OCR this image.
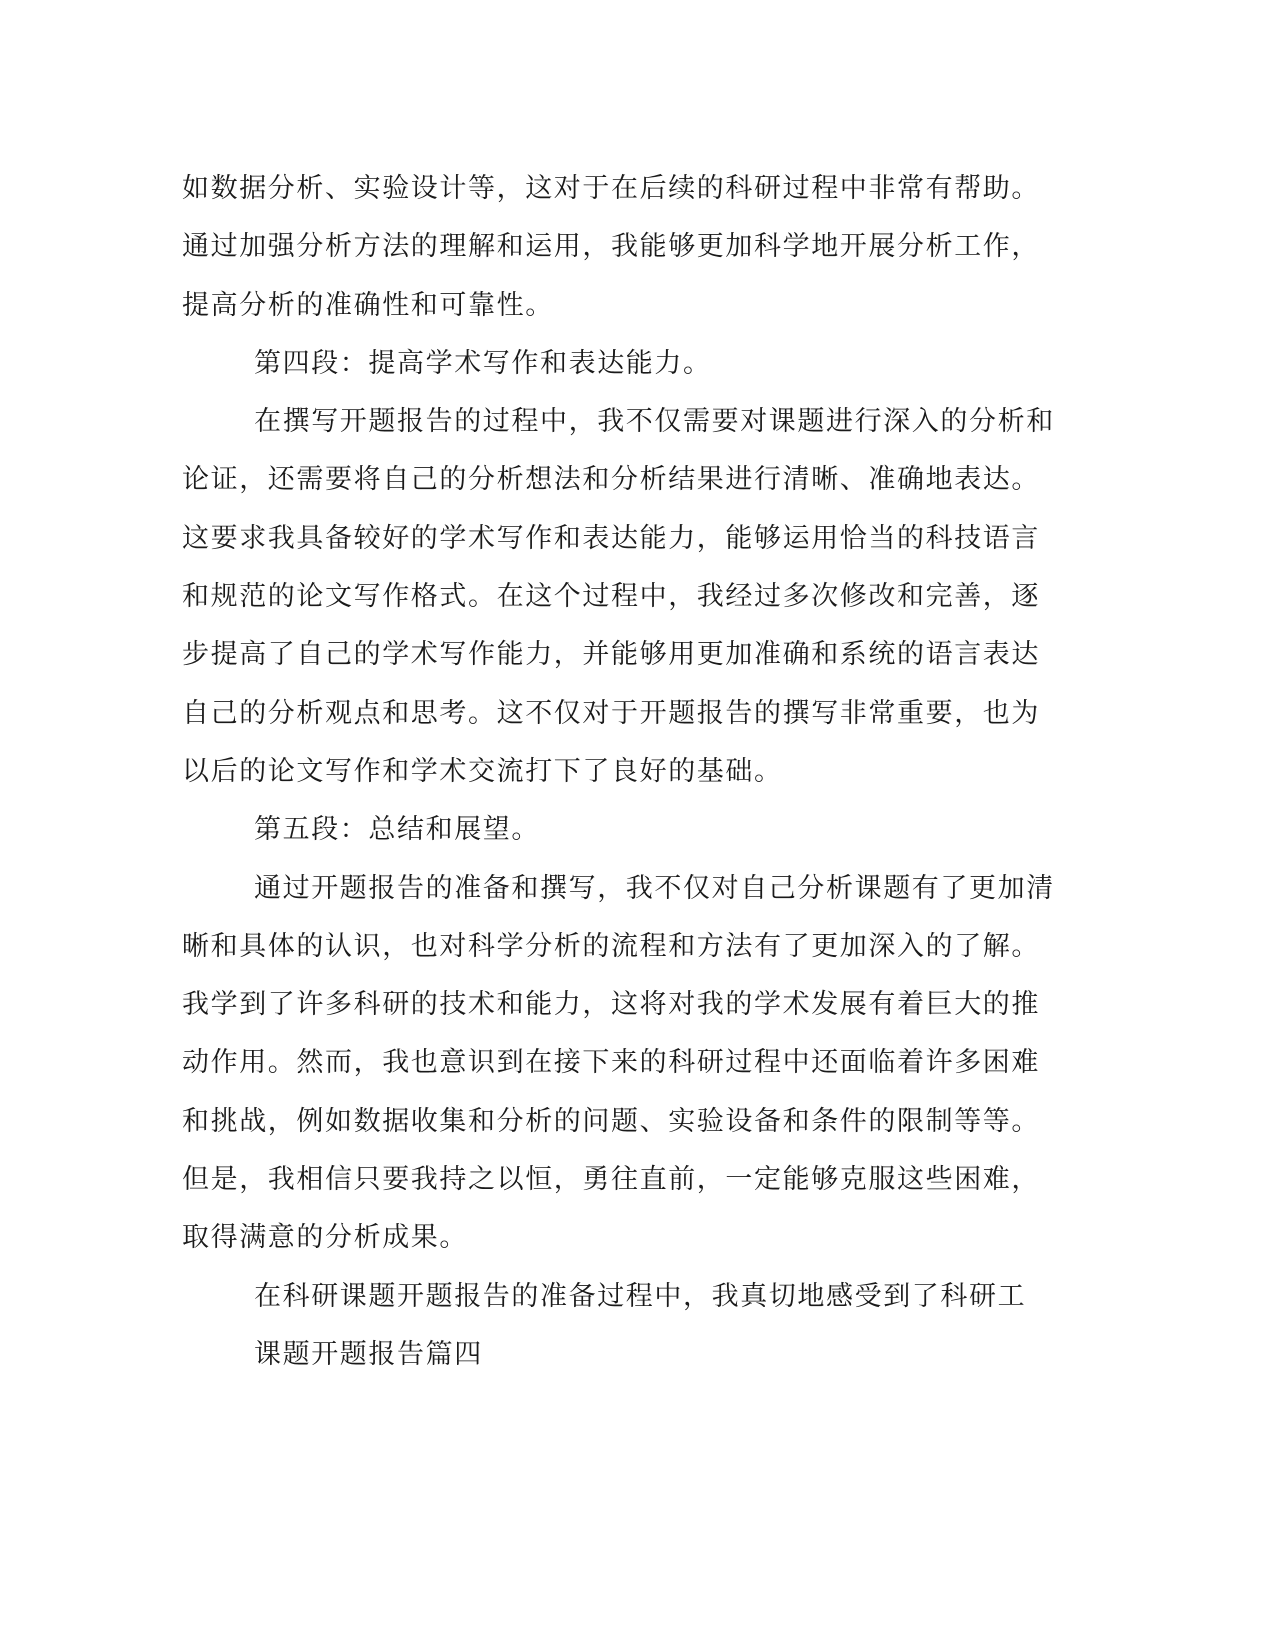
如数据分析、实验设计等，这对于在后续的科研过程中非常有帮助。
通过加强分析方法的理解和运用，我能够更加科学地开展分析工作，
提高分析的准确性和可靠性。
第四段：提高学术写作和表达能力。
在撰写开题报告的过程中，我不仅需要对课题进行深入的分析和
论证，还需要将自己的分析想法和分析结果进行清晰、准确地表达。
这要求我具备较好的学术写作和表达能力，能够运用恰当的科技语言
和规范的论文写作格式。在这个过程中，我经过多次修改和完善，逐
步提高了自己的学术写作能力，并能够用更加准确和系统的语言表达
自己的分析观点和思考。这不仅对于开题报告的撰写非常重要，也为
以后的论文写作和学术交流打下了良好的基础。
第五段：总结和展望。
通过开题报告的准备和撰写，我不仅对自己分析课题有了更加清
晰和具体的认识，也对科学分析的流程和方法有了更加深入的了解。
我学到了许多科研的技术和能力，这将对我的学术发展有着巨大的推
动作用。然而，我也意识到在接下来的科研过程中还面临着许多困难
和挑战，例如数据收集和分析的问题、实验设备和条件的限制等等。
但是，我相信只要我持之以恒，勇往直前，一定能够克服这些困难，
取得满意的分析成果。
在科研课题开题报告的准备过程中，我真切地感受到了科研工
课题开题报告篇四
